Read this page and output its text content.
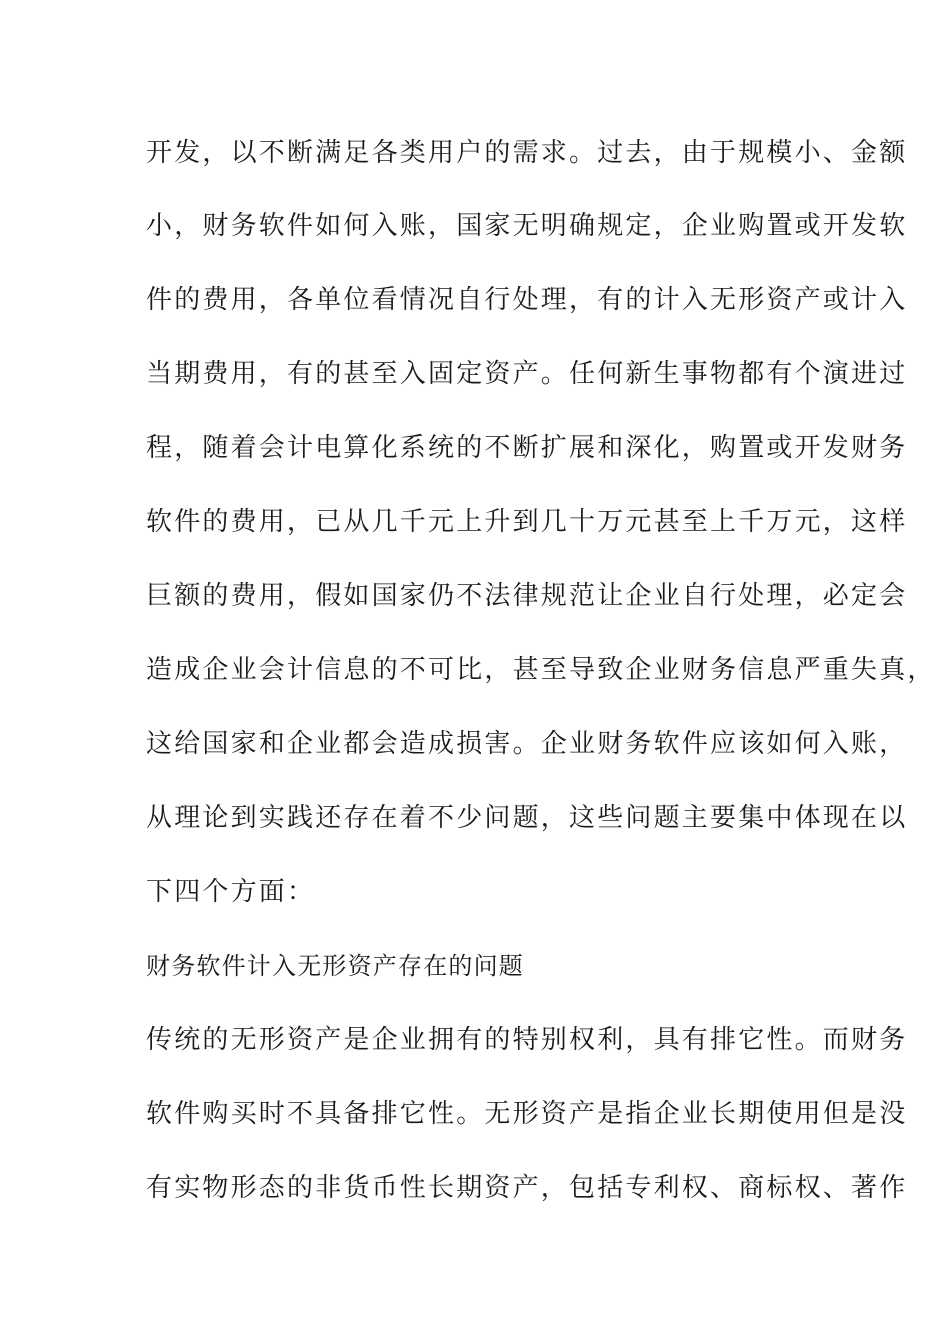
开发，以不断满足各类用户的需求。过去，由于规模小、金额
小，财务软件如何入账，国家无明确规定，企业购置或开发软
件的费用，各单位看情况自行处理，有的计入无形资产或计入
当期费用，有的甚至入固定资产。任何新生事物都有个演进过
程，随着会计电算化系统的不断扩展和深化，购置或开发财务
软件的费用，已从几千元上升到几十万元甚至上千万元，这样
巨额的费用，假如国家仍不法律规范让企业自行处理，必定会
造成企业会计信息的不可比，甚至导致企业财务信息严重失真，
这给国家和企业都会造成损害。企业财务软件应该如何入账，
从理论到实践还存在着不少问题，这些问题主要集中体现在以
下四个方面：
财务软件计入无形资产存在的问题
传统的无形资产是企业拥有的特别权利，具有排它性。而财务
软件购买时不具备排它性。无形资产是指企业长期使用但是没
有实物形态的非货币性长期资产，包括专利权、商标权、著作
